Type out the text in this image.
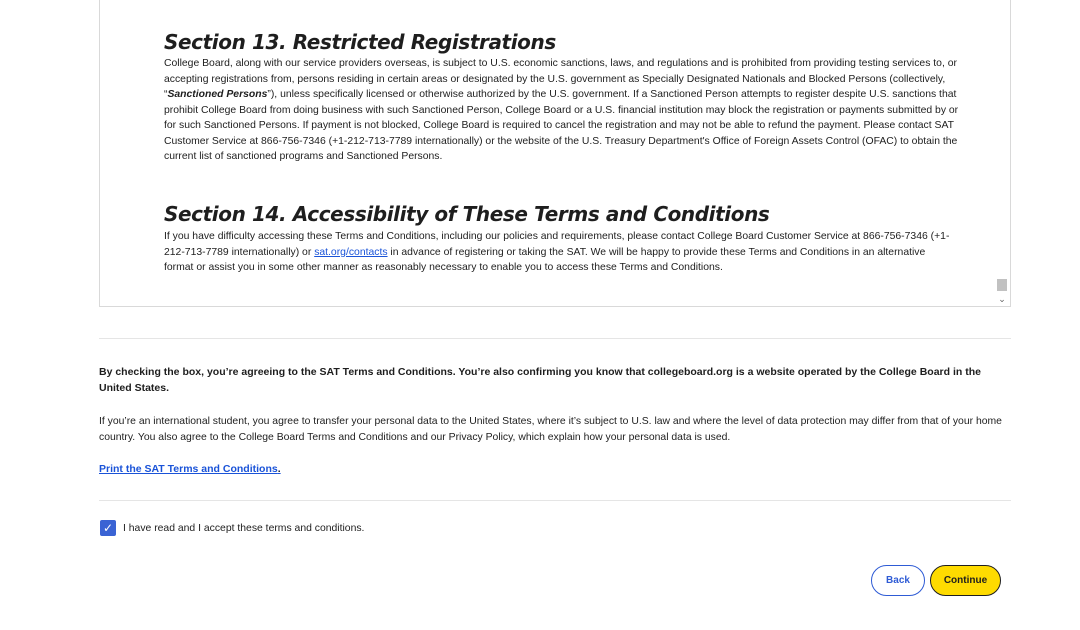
Section 13. Restricted Registrations

College Board, along with our service providers overseas, is subject to U.S. economic sanctions, laws, and regulations and is prohibited from providing testing services to, or accepting registrations from, persons residing in certain areas or designated by the U.S. government as Specially Designated Nationals and Blocked Persons (collectively, “Sanctioned Persons”), unless specifically licensed or otherwise authorized by the U.S. government. If a Sanctioned Person attempts to register despite U.S. sanctions that prohibit College Board from doing business with such Sanctioned Person, College Board or a U.S. financial institution may block the registration or payments submitted by or for such Sanctioned Persons. If payment is not blocked, College Board is required to cancel the registration and may not be able to refund the payment. Please contact SAT Customer Service at 866-756-7346 (+1-212-713-7789 internationally) or the website of the U.S. Treasury Department's Office of Foreign Assets Control (OFAC) to obtain the current list of sanctioned programs and Sanctioned Persons.

Section 14. Accessibility of These Terms and Conditions

If you have difficulty accessing these Terms and Conditions, including our policies and requirements, please contact College Board Customer Service at 866-756-7346 (+1-212-713-7789 internationally) or sat.org/contacts in advance of registering or taking the SAT. We will be happy to provide these Terms and Conditions in an alternative format or assist you in some other manner as reasonably necessary to enable you to access these Terms and Conditions.

⌄

By checking the box, you’re agreeing to the SAT Terms and Conditions. You’re also confirming you know that collegeboard.org is a website operated by the College Board in the United States.

If you’re an international student, you agree to transfer your personal data to the United States, where it’s subject to U.S. law and where the level of data protection may differ from that of your home country. You also agree to the College Board Terms and Conditions and our Privacy Policy, which explain how your personal data is used.

Print the SAT Terms and Conditions.
✓ I have read and I accept these terms and conditions.
Back	Continue
